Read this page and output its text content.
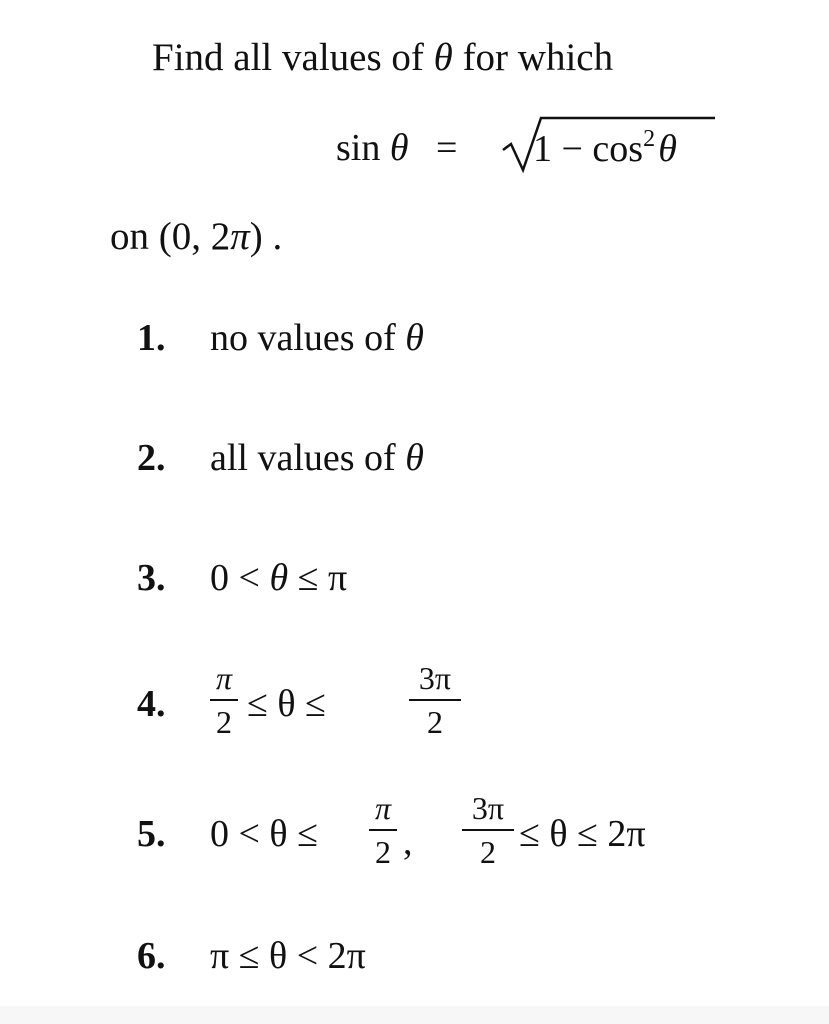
Find all values of θ for which
$\sin \theta = 1 - \cos^2$ θ
on (0, 2π) .
1. no values of θ
2. all values of θ
3. 0 < θ ≤ π
4.
π
2 ≤ θ ≤
3π
2
5. 0 < θ ≤
π
2 ,
3π
2 ≤ θ ≤ 2π
6. π ≤ θ < 2π
